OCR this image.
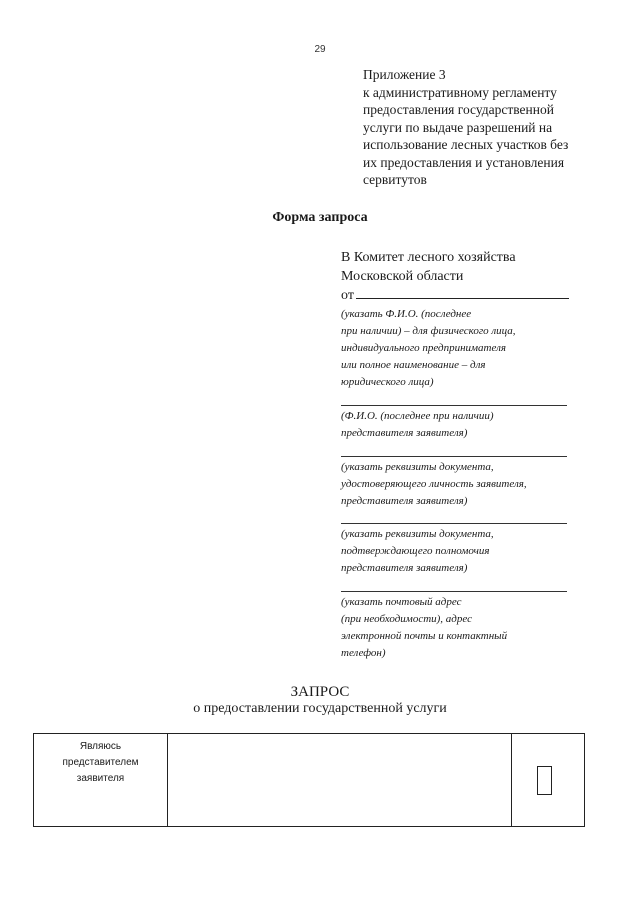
29
Приложение 3
к административному регламенту
предоставления государственной
услуги по выдаче разрешений на
использование лесных участков без
их предоставления и установления
сервитутов
Форма запроса
В Комитет лесного хозяйства
Московской области
от
(указать Ф.И.О. (последнее
при наличии) – для физического лица,
индивидуального предпринимателя
или полное наименование – для
юридического лица)
(Ф.И.О. (последнее при наличии)
представителя заявителя)
(указать реквизиты документа,
удостоверяющего личность заявителя,
представителя заявителя)
(указать реквизиты документа,
подтверждающего полномочия
представителя заявителя)
(указать почтовый адрес
(при необходимости), адрес
электронной почты и контактный
телефон)
ЗАПРОС
о предоставлении государственной услуги
Являюсь
представителем
заявителя
